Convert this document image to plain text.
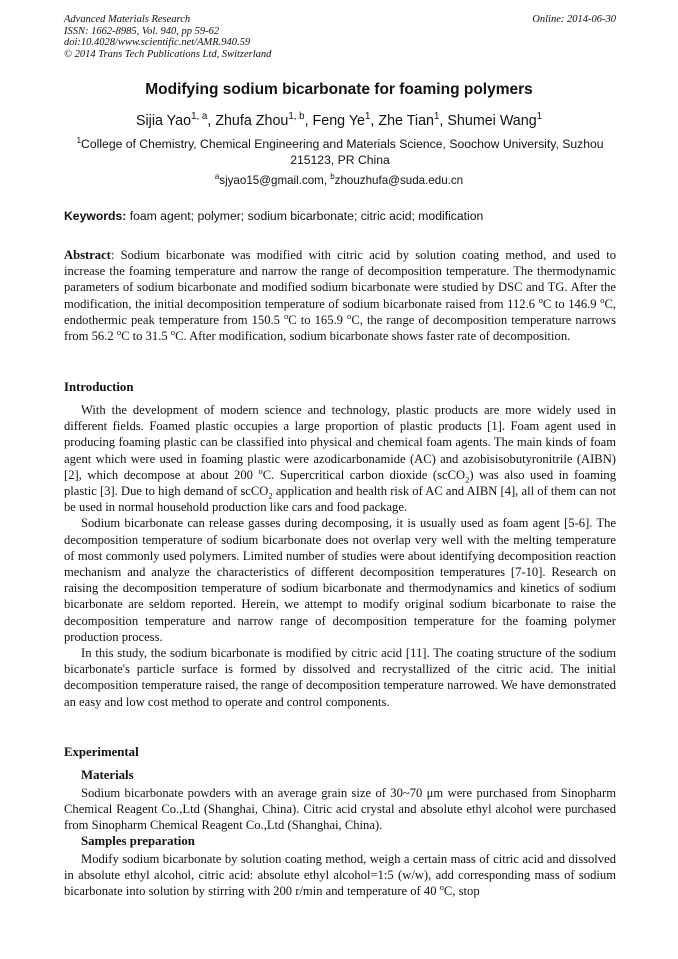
Advanced Materials Research
ISSN: 1662-8985, Vol. 940, pp 59-62
doi:10.4028/www.scientific.net/AMR.940.59
© 2014 Trans Tech Publications Ltd, Switzerland
Online: 2014-06-30
Modifying sodium bicarbonate for foaming polymers
Sijia Yao$^{1, a}$, Zhufa Zhou$^{1, b}$, Feng Ye$^1$, Zhe Tian$^1$, Shumei Wang$^1$
$^1$College of Chemistry, Chemical Engineering and Materials Science, Soochow University, Suzhou 215123, PR China
$^a$sjyao15@gmail.com, $^b$zhouzhufa@suda.edu.cn
Keywords: foam agent; polymer; sodium bicarbonate; citric acid; modification
Abstract: Sodium bicarbonate was modified with citric acid by solution coating method, and used to increase the foaming temperature and narrow the range of decomposition temperature. The thermodynamic parameters of sodium bicarbonate and modified sodium bicarbonate were studied by DSC and TG. After the modification, the initial decomposition temperature of sodium bicarbonate raised from 112.6 $^o$C to 146.9 $^o$C, endothermic peak temperature from 150.5 $^o$C to 165.9 $^o$C, the range of decomposition temperature narrows from 56.2 $^o$C to 31.5 $^o$C. After modification, sodium bicarbonate shows faster rate of decomposition.
Introduction

With the development of modern science and technology, plastic products are more widely used in different fields. Foamed plastic occupies a large proportion of plastic products [1]. Foam agent used in producing foaming plastic can be classified into physical and chemical foam agents. The main kinds of foam agent which were used in foaming plastic were azodicarbonamide (AC) and azobisisobutyronitrile (AIBN) [2], which decompose at about 200 $^o$C. Supercritical carbon dioxide (scCO$_2$) was also used in foaming plastic [3]. Due to high demand of scCO$_2$ application and health risk of AC and AIBN [4], all of them can not be used in normal household production like cars and food package.

Sodium bicarbonate can release gasses during decomposing, it is usually used as foam agent [5-6]. The decomposition temperature of sodium bicarbonate does not overlap very well with the melting temperature of most commonly used polymers. Limited number of studies were about identifying decomposition reaction mechanism and analyze the characteristics of different decomposition temperatures [7-10]. Research on raising the decomposition temperature of sodium bicarbonate and thermodynamics and kinetics of sodium bicarbonate are seldom reported. Herein, we attempt to modify original sodium bicarbonate to raise the decomposition temperature and narrow range of decomposition temperature for the foaming polymer production process.

In this study, the sodium bicarbonate is modified by citric acid [11]. The coating structure of the sodium bicarbonate's particle surface is formed by dissolved and recrystallized of the citric acid. The initial decomposition temperature raised, the range of decomposition temperature narrowed. We have demonstrated an easy and low cost method to operate and control components.

Experimental
Materials

Sodium bicarbonate powders with an average grain size of 30~70 μm were purchased from Sinopharm Chemical Reagent Co.,Ltd (Shanghai, China). Citric acid crystal and absolute ethyl alcohol were purchased from Sinopharm Chemical Reagent Co.,Ltd (Shanghai, China).

Samples preparation

Modify sodium bicarbonate by solution coating method, weigh a certain mass of citric acid and dissolved in absolute ethyl alcohol, citric acid: absolute ethyl alcohol=1:5 (w/w), add corresponding mass of sodium bicarbonate into solution by stirring with 200 r/min and temperature of 40 $^o$C, stop
